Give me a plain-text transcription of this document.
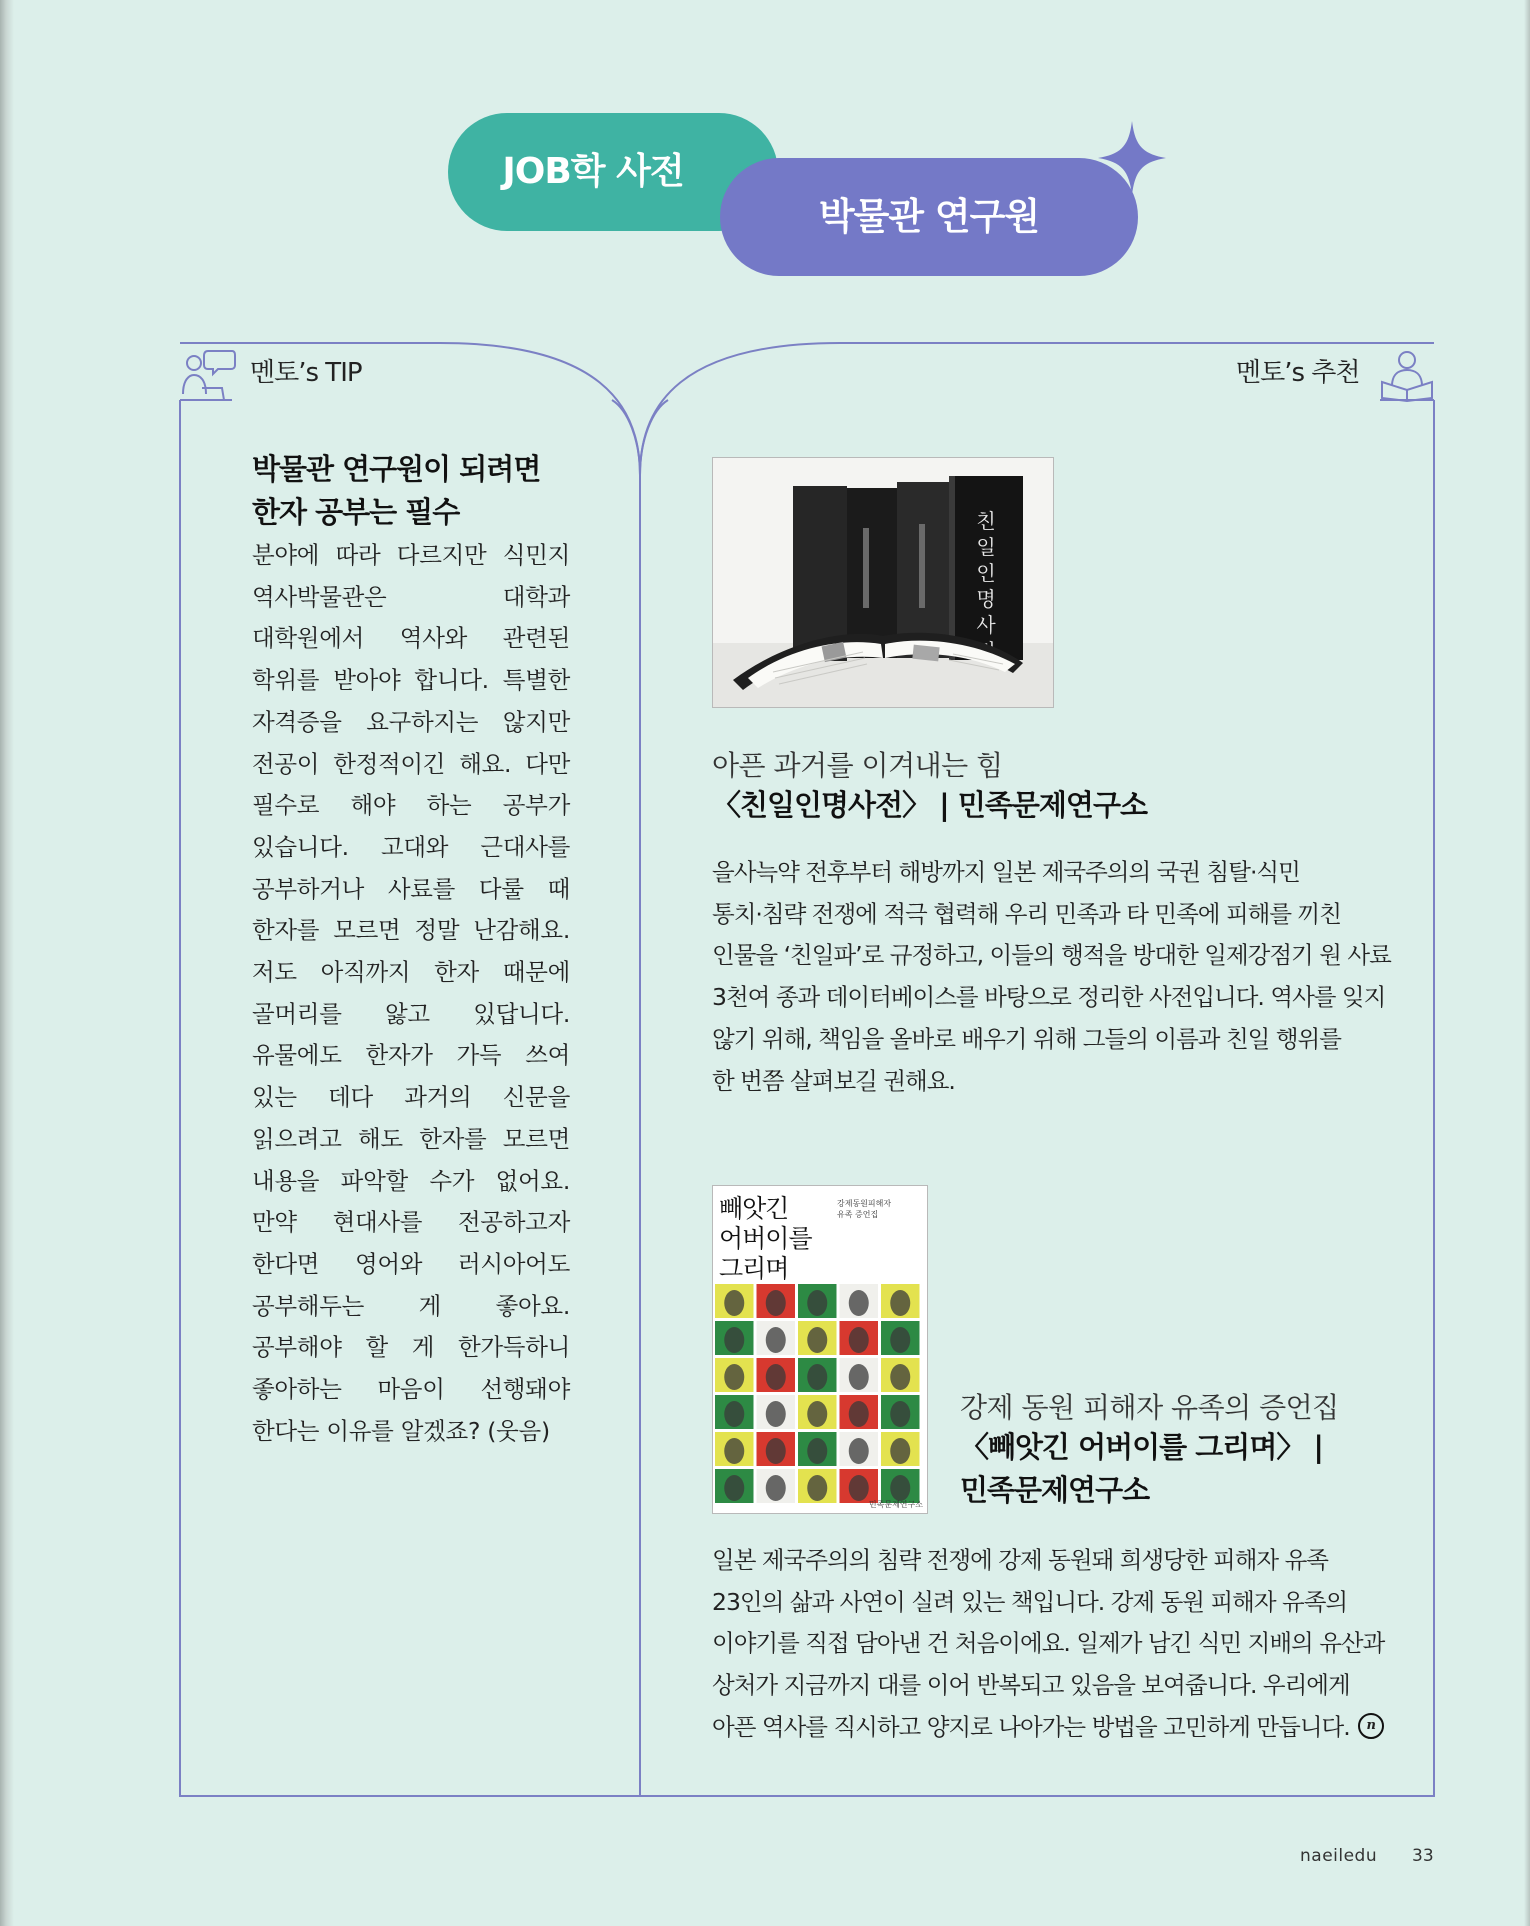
JOB학 사전
박물관 연구원
멘토’s TIP	멘토’s 추천
박물관 연구원이 되려면
한자 공부는 필수
분야에 따라 다르지만 식민지 역사박물관은 대학과 대학원에서 역사와 관련된 학위를 받아야 합니다. 특별한 자격증을 요구하지는 않지만 전공이 한정적이긴 해요. 다만 필수로 해야 하는 공부가 있습니다. 고대와 근대사를 공부하거나 사료를 다룰 때 한자를 모르면 정말 난감해요. 저도 아직까지 한자 때문에 골머리를 앓고 있답니다. 유물에도 한자가 가득 쓰여 있는 데다 과거의 신문을 읽으려고 해도 한자를 모르면 내용을 파악할 수가 없어요. 만약 현대사를 전공하고자 한다면 영어와 러시아어도 공부해두는 게 좋아요. 공부해야 할 게 한가득하니 좋아하는 마음이 선행돼야 한다는 이유를 알겠죠? (웃음)
친
일
인
명
사
아픈 과거를 이겨내는 힘
〈친일인명사전〉 | 민족문제연구소
을사늑약 전후부터 해방까지 일본 제국주의의 국권 침탈·식민
통치·침략 전쟁에 적극 협력해 우리 민족과 타 민족에 피해를 끼친
인물을 ‘친일파’로 규정하고, 이들의 행적을 방대한 일제강점기 원 사료
3천여 종과 데이터베이스를 바탕으로 정리한 사전입니다. 역사를 잊지
않기 위해, 책임을 올바로 배우기 위해 그들의 이름과 친일 행위를
한 번쯤 살펴보길 권해요.
빼앗긴
어버이를
그리며
강제동원피해자
유족 증언집
민족문제연구소
강제 동원 피해자 유족의 증언집
〈빼앗긴 어버이를 그리며〉 |
민족문제연구소
일본 제국주의의 침략 전쟁에 강제 동원돼 희생당한 피해자 유족
23인의 삶과 사연이 실려 있는 책입니다. 강제 동원 피해자 유족의
이야기를 직접 담아낸 건 처음이에요. 일제가 남긴 식민 지배의 유산과
상처가 지금까지 대를 이어 반복되고 있음을 보여줍니다. 우리에게
아픈 역사를 직시하고 양지로 나아가는 방법을 고민하게 만듭니다.	n
naeiledu 33
